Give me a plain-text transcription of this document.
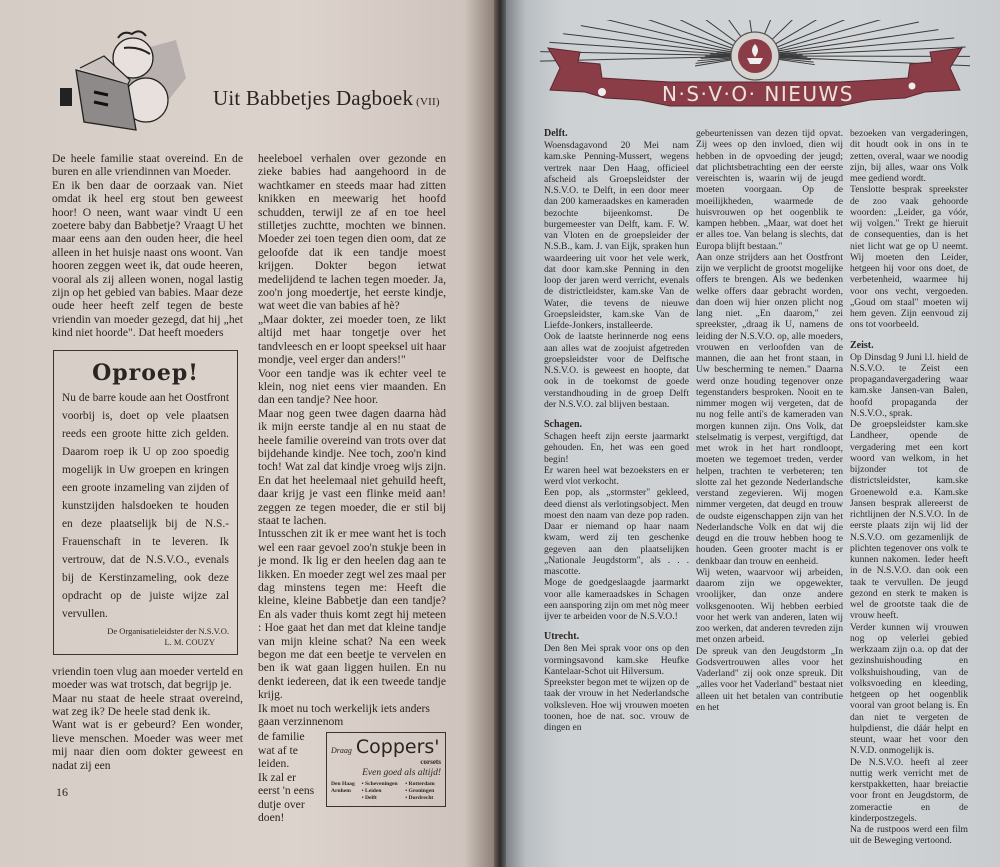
Uit Babbetjes Dagboek (VII)

De heele familie staat overeind. En de buren en alle vriendinnen van Moeder.

En ik ben daar de oorzaak van. Niet omdat ik heel erg stout ben geweest hoor! O neen, want waar vindt U een zoetere baby dan Babbetje? Vraagt U het maar eens aan den ouden heer, die heel alleen in het huisje naast ons woont. Van hooren zeggen weet ik, dat oude heeren, vooral als zij alleen wonen, nogal lastig zijn op het gebied van babies. Maar deze oude heer heeft zelf tegen de beste vriendin van moeder gezegd, dat hij „het kind niet hoorde". Dat heeft moeders

Oproep!

Nu de barre koude aan het Oostfront voorbij is, doet op vele plaatsen reeds een groote hitte zich gelden. Daarom roep ik U op zoo spoedig mogelijk in Uw groepen en kringen een groote inzameling van zijden of kunstzijden halsdoeken te houden en deze plaatselijk bij de N.S.-Frauenschaft in te leveren. Ik vertrouw, dat de N.S.V.O., evenals bij de Kerstinzameling, ook deze opdracht op de juiste wijze zal vervullen.

De Organisatieleidster der N.S.V.O.
L. M. COUZY

vriendin toen vlug aan moeder verteld en moeder was wat trotsch, dat begrijp je.

Maar nu staat de heele straat overeind, wat zeg ik? De heele stad denk ik.

Want wat is er gebeurd? Een wonder, lieve menschen. Moeder was weer met mij naar dien oom dokter geweest en nadat zij een

16

heeleboel verhalen over gezonde en zieke babies had aangehoord in de wachtkamer en steeds maar had zitten knikken en meewarig het hoofd schudden, terwijl ze af en toe heel stilletjes zuchtte, mochten we binnen. Moeder zei toen tegen dien oom, dat ze geloofde dat ik een tandje moest krijgen. Dokter begon ietwat medelijdend te lachen tegen moeder. Ja, zoo'n jong moedertje, het eerste kindje, wat weet die van babies af hè?

„Maar dokter, zei moeder toen, ze likt altijd met haar tongetje over het tandvleesch en er loopt speeksel uit haar mondje, veel erger dan anders!"

Voor een tandje was ik echter veel te klein, nog niet eens vier maanden. En dan een tandje? Nee hoor.

Maar nog geen twee dagen daarna hàd ik mijn eerste tandje al en nu staat de heele familie overeind van trots over dat bijdehande kindje. Nee toch, zoo'n kind toch! Wat zal dat kindje vroeg wijs zijn. En dat het heelemaal niet gehuild heeft, daar krijg je vast een flinke meid aan! zeggen ze tegen moeder, die er stil bij staat te lachen.

Intusschen zit ik er mee want het is toch wel een raar gevoel zoo'n stukje been in je mond. Ik lig er den heelen dag aan te likken. En moeder zegt wel zes maal per dag minstens tegen me: Heeft die kleine, kleine Babbetje dan een tandje? En als vader thuis komt zegt hij meteen : Hoe gaat het dan met dat kleine tandje van mijn kleine schat? Na een week begon me dat een beetje te vervelen en ben ik wat gaan liggen huilen. En nu denkt iedereen, dat ik een tweede tandje krijg.

Ik moet nu toch werkelijk iets anders gaan verzinnenom

de familie wat af te leiden.

Ik zal er eerst 'n eens dutje over doen!

Draag Coppers'
corsets
Even goed als altijd!
Den Haag	• Scheveningen	• Rotterdam
Arnhem	• Leiden	• Groningen
• Delft	• Dordrecht
N·S·V·O· NIEUWS
Delft.

Woensdagavond 20 Mei nam kam.ske Penning-Mussert, wegens vertrek naar Den Haag, officieel afscheid als Groepsleidster der N.S.V.O. te Delft, in een door meer dan 200 kameraadskes en kameraden bezochte bijeenkomst. De burgemeester van Delft, kam. F. W. van Vloten en de groepsleider der N.S.B., kam. J. van Eijk, spraken hun waardeering uit voor het vele werk, dat door kam.ske Penning in den loop der jaren werd verricht, evenals de districtleidster, kam.ske Van de Water, die tevens de nieuwe Groepsleidster, kam.ske Van de Liefde-Jonkers, installeerde.

Ook de laatste herinnerde nog eens aan alles wat de zoojuist afgetreden groepsleidster voor de Delftsche N.S.V.O. is geweest en hoopte, dat ook in de toekomst de goede verstandhouding in de groep Delft der N.S.V.O. zal blijven bestaan.

Schagen.

Schagen heeft zijn eerste jaarmarkt gehouden. En, het was een goed begin!

Er waren heel wat bezoeksters en er werd vlot verkocht.

Een pop, als „stormster" gekleed, deed dienst als verlotingsobject. Men moest den naam van deze pop raden. Daar er niemand op haar naam kwam, werd zij ten geschenke gegeven aan den plaatselijken „Nationale Jeugdstorm", als . . . mascotte.

Moge de goedgeslaagde jaarmarkt voor alle kameraadskes in Schagen een aansporing zijn om met nòg meer ijver te arbeiden voor de N.S.V.O.!

Utrecht.

Den 8en Mei sprak voor ons op den vormingsavond kam.ske Heufke Kantelaar-Schot uit Hilversum.

Spreekster begon met te wijzen op de taak der vrouw in het Nederlandsche volksleven. Hoe wij vrouwen moeten toonen, hoe de nat. soc. vrouw de dingen en

gebeurtenissen van dezen tijd opvat. Zij wees op den invloed, dien wij hebben in de opvoeding der jeugd; dat plichtsbetrachting een der eerste vereischten is, waarin wij de jeugd moeten voorgaan. Op de moeilijkheden, waarmede de huisvrouwen op het oogenblik te kampen hebben. „Maar, wat doet het er alles toe. Van belang is slechts, dat Europa blijft bestaan."

Aan onze strijders aan het Oostfront zijn we verplicht de grootst mogelijke offers te brengen. Als we bedenken welke offers daar gebracht worden, dan doen wij hier onzen plicht nog lang niet. „En daarom," zei spreekster, „draag ik U, namens de leiding der N.S.V.O. op, alle moeders, vrouwen en verloofden van de mannen, die aan het front staan, in Uw bescherming te nemen." Daarna werd onze houding tegenover onze tegenstanders besproken. Nooit en te nimmer mogen wij vergeten, dat de nu nog felle anti's de kameraden van morgen kunnen zijn. Ons Volk, dat stelselmatig is verpest, vergiftigd, dat met wrok in het hart rondloopt, moeten we tegemoet treden, verder helpen, trachten te verbeteren; ten slotte zal het gezonde Nederlandsche verstand zegevieren. Wij mogen nimmer vergeten, dat deugd en trouw de oudste eigenschappen zijn van het Nederlandsche Volk en dat wij die deugd en die trouw hebben hoog te houden. Geen grooter macht is er denkbaar dan trouw en eenheid.

Wij weten, waarvoor wij arbeiden, daarom zijn we opgewekter, vroolijker, dan onze andere volksgenooten. Wij hebben eerbied voor het werk van anderen, laten wij zoo werken, dat anderen tevreden zijn met onzen arbeid.

De spreuk van den Jeugdstorm „In Godsvertrouwen alles voor het Vaderland" zij ook onze spreuk. Dit „alles voor het Vaderland" bestaat niet alleen uit het betalen van contributie en het

bezoeken van vergaderingen, dit houdt ook in ons in te zetten, overal, waar we noodig zijn, bij alles, waar ons Volk mee gediend wordt.

Tenslotte besprak spreekster de zoo vaak gehoorde woorden: „Leider, ga vóór, wij volgen." Trekt ge hieruit de consequenties, dan is het niet licht wat ge op U neemt. Wij moeten den Leider, hetgeen hij voor ons doet, de verbetenheid, waarmee hij voor ons vecht, vergoeden. „Goud om staal" moeten wij hem geven. Zijn eenvoud zij ons tot voorbeeld.

Zeist.

Op Dinsdag 9 Juni l.l. hield de N.S.V.O. te Zeist een propagandavergadering waar kam.ske Jansen-van Balen, hoofd propaganda der N.S.V.O., sprak.

De groepsleidster kam.ske Landheer, opende de vergadering met een kort woord van welkom, in het bijzonder tot de districtsleidster, kam.ske Groenewold e.a. Kam.ske Jansen besprak allereerst de richtlijnen der N.S.V.O. In de eerste plaats zijn wij lid der N.S.V.O. om gezamenlijk de plichten tegenover ons volk te kunnen nakomen. Ieder heeft in de N.S.V.O. dan ook een taak te vervullen. De jeugd gezond en sterk te maken is wel de grootste taak die de vrouw heeft.

Verder kunnen wij vrouwen nog op velerlei gebied werkzaam zijn o.a. op dat der gezinshuishouding en volkshuishouding, van de volksvoeding en kleeding, hetgeen op het oogenblik vooral van groot belang is. En dan niet te vergeten de hulpdienst, die dáár helpt en steunt, waar het voor den N.V.D. onmogelijk is.

De N.S.V.O. heeft al zeer nuttig werk verricht met de kerstpakketten, haar breiactie voor front en Jeugdstorm, de zomeractie en de kinderpostzegels.

Na de rustpoos werd een film uit de Beweging vertoond.
